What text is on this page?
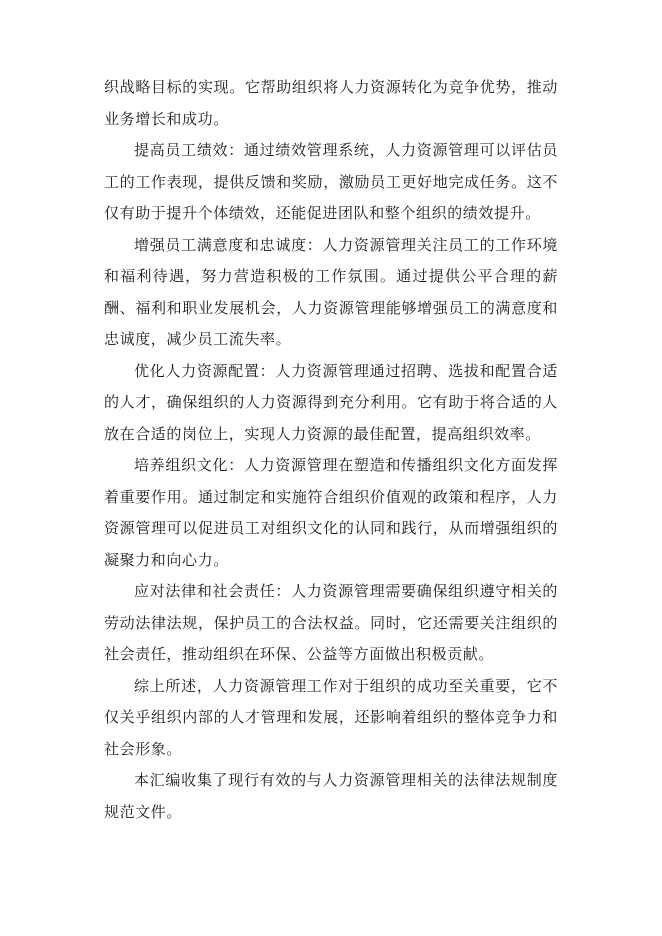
织战略目标的实现。它帮助组织将人力资源转化为竞争优势，推动业务增长和成功。

提高员工绩效：通过绩效管理系统，人力资源管理可以评估员工的工作表现，提供反馈和奖励，激励员工更好地完成任务。这不仅有助于提升个体绩效，还能促进团队和整个组织的绩效提升。

增强员工满意度和忠诚度：人力资源管理关注员工的工作环境和福利待遇，努力营造积极的工作氛围。通过提供公平合理的薪酬、福利和职业发展机会，人力资源管理能够增强员工的满意度和忠诚度，减少员工流失率。

优化人力资源配置：人力资源管理通过招聘、选拔和配置合适的人才，确保组织的人力资源得到充分利用。它有助于将合适的人放在合适的岗位上，实现人力资源的最佳配置，提高组织效率。

培养组织文化：人力资源管理在塑造和传播组织文化方面发挥着重要作用。通过制定和实施符合组织价值观的政策和程序，人力资源管理可以促进员工对组织文化的认同和践行，从而增强组织的凝聚力和向心力。

应对法律和社会责任：人力资源管理需要确保组织遵守相关的劳动法律法规，保护员工的合法权益。同时，它还需要关注组织的社会责任，推动组织在环保、公益等方面做出积极贡献。

综上所述，人力资源管理工作对于组织的成功至关重要，它不仅关乎组织内部的人才管理和发展，还影响着组织的整体竞争力和社会形象。

本汇编收集了现行有效的与人力资源管理相关的法律法规制度规范文件。
